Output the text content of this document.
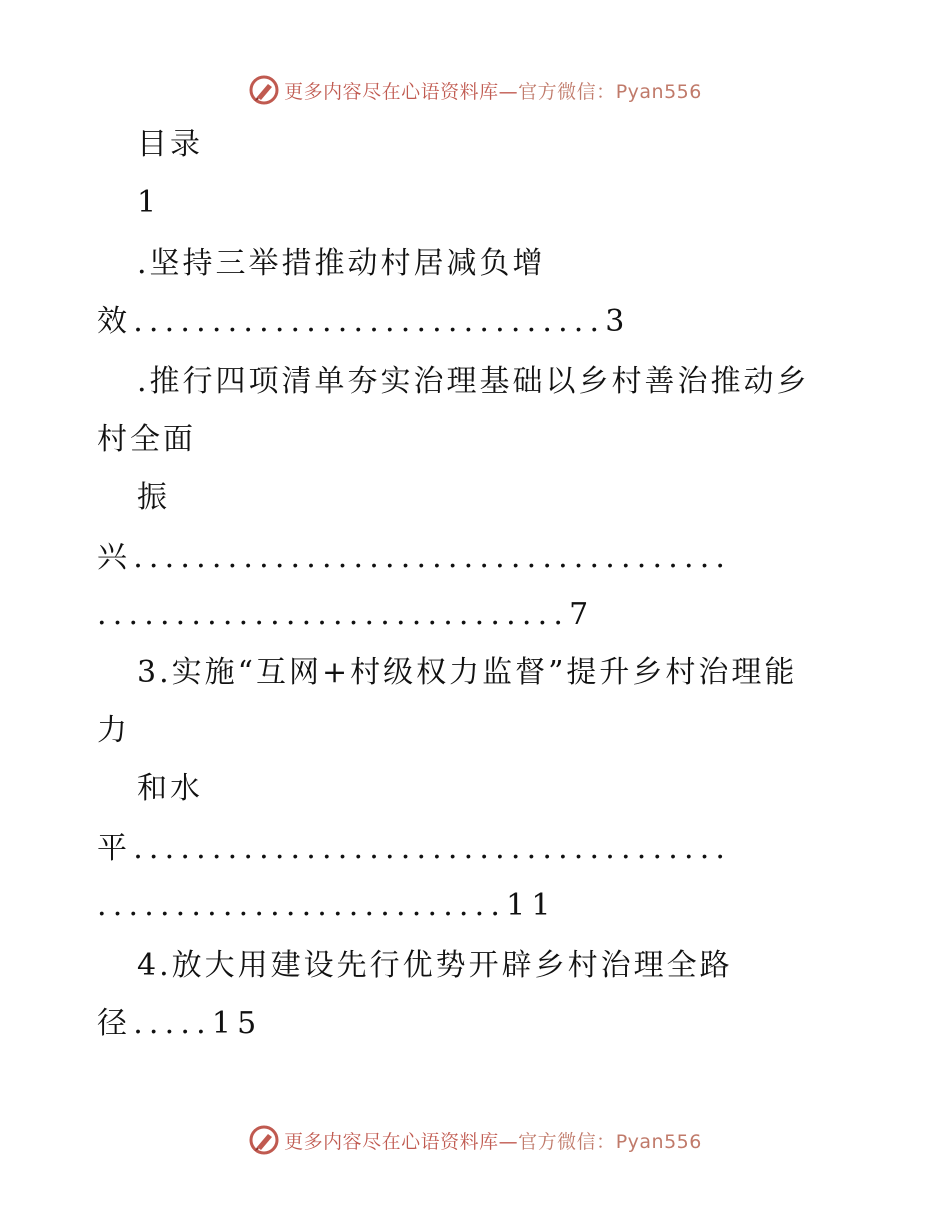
更多内容尽在心语资料库—官方微信：Pyan556
目录
1
.坚持三举措推动村居减负增
效..............................3
.推行四项清单夯实治理基础以乡村善治推动乡
村全面
振
兴......................................
..............................7
3.实施“互网+村级权力监督”提升乡村治理能
力
和水
平......................................
..........................11
4.放大用建设先行优势开辟乡村治理全路
径.....15
更多内容尽在心语资料库—官方微信：Pyan556
